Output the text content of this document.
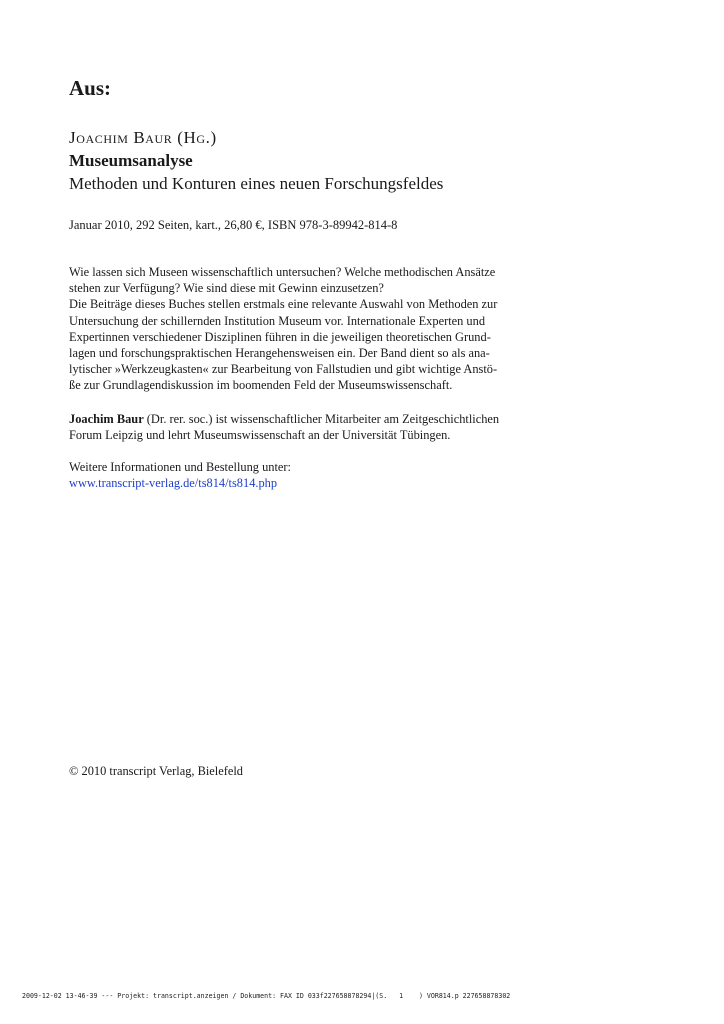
Aus:

Joachim Baur (Hg.)

Museumsanalyse

Methoden und Konturen eines neuen Forschungsfeldes

Januar 2010, 292 Seiten, kart., 26,80 €, ISBN 978-3-89942-814-8

Wie lassen sich Museen wissenschaftlich untersuchen? Welche methodischen Ansätze
stehen zur Verfügung? Wie sind diese mit Gewinn einzusetzen?
Die Beiträge dieses Buches stellen erstmals eine relevante Auswahl von Methoden zur
Untersuchung der schillernden Institution Museum vor. Internationale Experten und
Expertinnen verschiedener Disziplinen führen in die jeweiligen theoretischen Grund-
lagen und forschungspraktischen Herangehensweisen ein. Der Band dient so als ana-
lytischer »Werkzeugkasten« zur Bearbeitung von Fallstudien und gibt wichtige Anstö-
ße zur Grundlagendiskussion im boomenden Feld der Museumswissenschaft.

Joachim Baur (Dr. rer. soc.) ist wissenschaftlicher Mitarbeiter am Zeitgeschichtlichen Forum Leipzig und lehrt Museumswissenschaft an der Universität Tübingen.

Weitere Informationen und Bestellung unter:
www.transcript-verlag.de/ts814/ts814.php

© 2010 transcript Verlag, Bielefeld

2009-12-02 13-46-39 --- Projekt: transcript.anzeigen / Dokument: FAX ID 033f227658878294|(S.   1    ) VOR814.p 227658878302
